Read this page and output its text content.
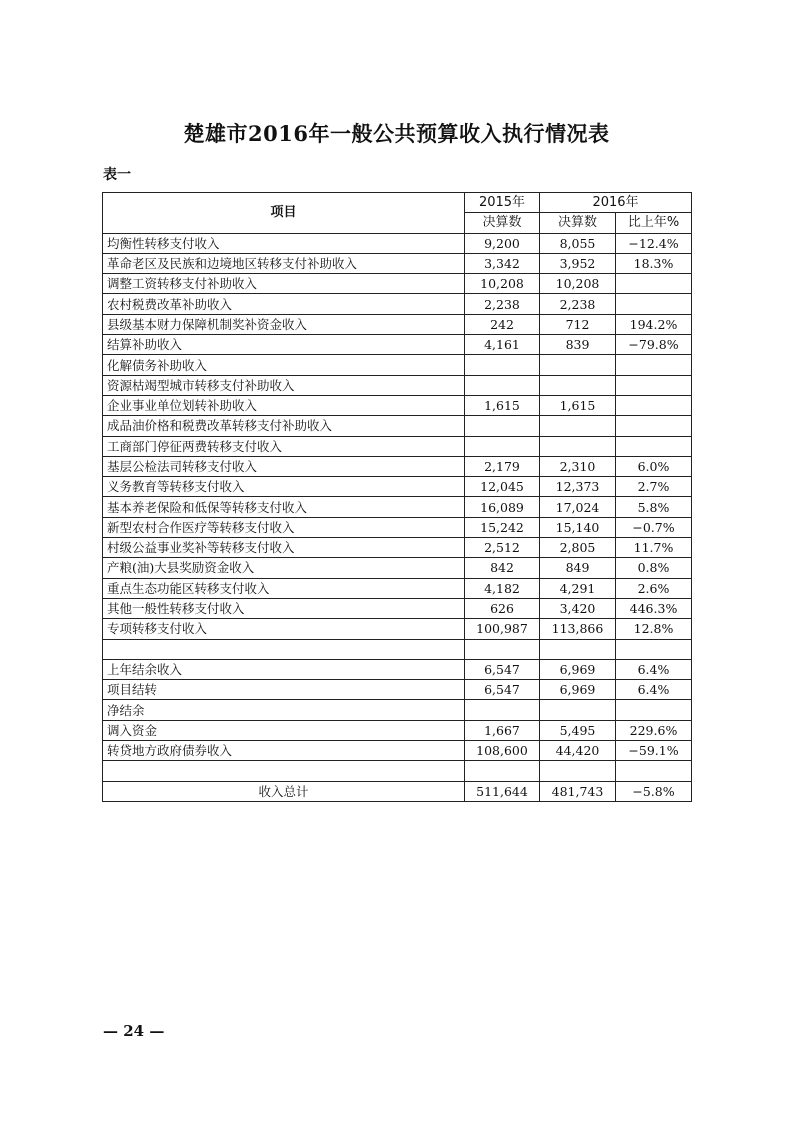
楚雄市2016年一般公共预算收入执行情况表
表一
项目	2015年	2016年	
	决算数	决算数	比上年%
均衡性转移支付收入	9,200	8,055	−12.4%
革命老区及民族和边境地区转移支付补助收入	3,342	3,952	18.3%
调整工资转移支付补助收入	10,208	10,208	
农村税费改革补助收入	2,238	2,238	
县级基本财力保障机制奖补资金收入	242	712	194.2%
结算补助收入	4,161	839	−79.8%
化解债务补助收入			
资源枯竭型城市转移支付补助收入			
企业事业单位划转补助收入	1,615	1,615	
成品油价格和税费改革转移支付补助收入			
工商部门停征两费转移支付收入			
基层公检法司转移支付收入	2,179	2,310	6.0%
义务教育等转移支付收入	12,045	12,373	2.7%
基本养老保险和低保等转移支付收入	16,089	17,024	5.8%
新型农村合作医疗等转移支付收入	15,242	15,140	−0.7%
村级公益事业奖补等转移支付收入	2,512	2,805	11.7%
产粮(油)大县奖励资金收入	842	849	0.8%
重点生态功能区转移支付收入	4,182	4,291	2.6%
其他一般性转移支付收入	626	3,420	446.3%
专项转移支付收入	100,987	113,866	12.8%

上年结余收入	6,547	6,969	6.4%
项目结转	6,547	6,969	6.4%
净结余			
调入资金	1,667	5,495	229.6%
转贷地方政府债券收入	108,600	44,420	−59.1%

收入总计	511,644	481,743	−5.8%
— 24 —
